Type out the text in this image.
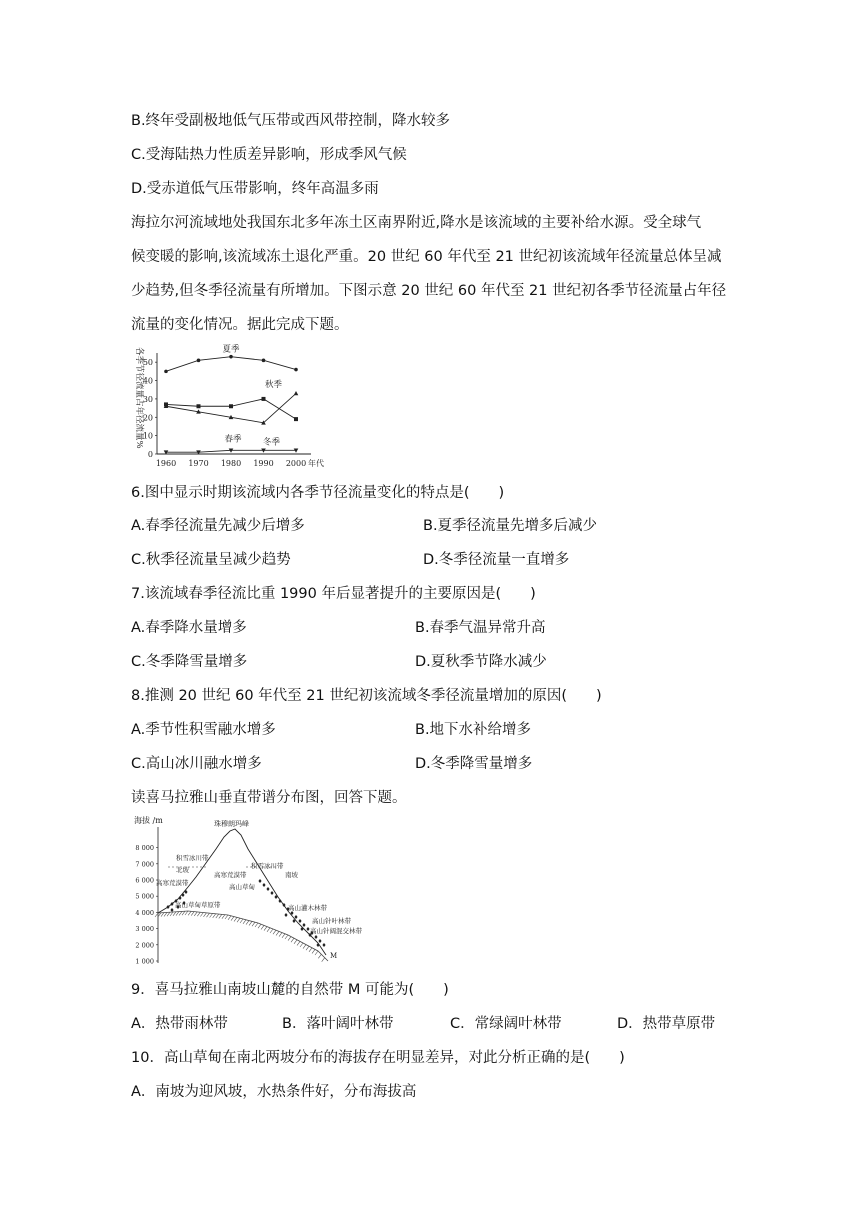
B.终年受副极地低气压带或西风带控制，降水较多
C.受海陆热力性质差异影响，形成季风气候
D.受赤道低气压带影响，终年高温多雨
海拉尔河流域地处我国东北多年冻土区南界附近,降水是该流域的主要补给水源。受全球气
候变暖的影响,该流域冻土退化严重。20 世纪 60 年代至 21 世纪初该流域年径流量总体呈减
少趋势,但冬季径流量有所增加。下图示意 20 世纪 60 年代至 21 世纪初各季节径流量占年径
流量的变化情况。据此完成下题。
各季节径流量占年径流量%
0
10
20
30
40
50
1960 1970 1980 1990 2000 年代
夏季
秋季
春季	冬季
6.图中显示时期该流域内各季节径流量变化的特点是(　　)
A.春季径流量先减少后增多	B.夏季径流量先增多后减少
C.秋季径流量呈减少趋势	D.冬季径流量一直增多
7.该流域春季径流比重 1990 年后显著提升的主要原因是(　　)
A.春季降水量增多	B.春季气温异常升高
C.冬季降雪量增多	D.夏秋季节降水减少
8.推测 20 世纪 60 年代至 21 世纪初该流域冬季径流量增加的原因(　　)
A.季节性积雪融水增多	B.地下水补给增多
C.高山冰川融水增多	D.冬季降雪量增多
读喜马拉雅山垂直带谱分布图，回答下题。
海拔 /m
1 000
2 000
3 000
4 000
5 000
6 000
7 000
8 000
珠穆朗玛峰
积雪冰川带
北坡
高寒荒漠带
高寒荒漠带
高山草甸草原带
积雪冰川带
南坡
高山草甸
高山灌木林带
高山针叶林带
高山针阔混交林带
M
9．喜马拉雅山南坡山麓的自然带 M 可能为(　　)
A．热带雨林带	B．落叶阔叶林带	C．常绿阔叶林带	D．热带草原带
10．高山草甸在南北两坡分布的海拔存在明显差异，对此分析正确的是(　　)
A．南坡为迎风坡，水热条件好，分布海拔高
